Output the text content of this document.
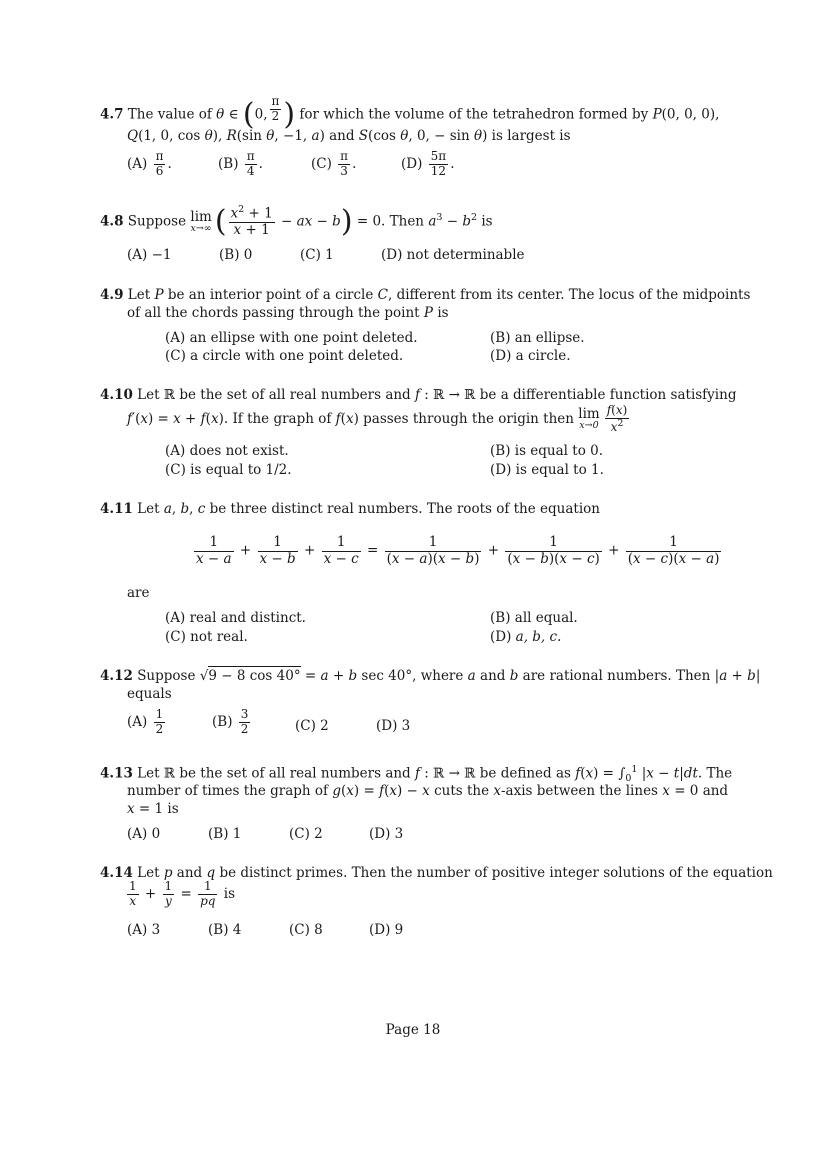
4.7 The value of θ ∈ (0, $\frac{\pi}{2}$ ) for which the volume of the tetrahedron formed by P(0, 0, 0),
Q(1, 0, cos θ), R(sin θ, −1, a) and S(cos θ, 0, − sin θ) is largest is
$(A) \frac{\pi}{6}$ .	$(B) \frac{\pi}{4}$ .	$(C) \frac{\pi}{3}$ .	$(D) \frac{5\pi}{12}$ .
4.8 Suppose lim
x→∞ ( $\frac{x^2 + 1}{x + 1}$ − ax − b) = 0. Then $a^3 - b^2$ is
(A) −1	(B) 0	(C) 1	(D) not determinable
4.9 Let P be an interior point of a circle C, different from its center. The locus of the midpoints
of all the chords passing through the point P is
(A) an ellipse with one point deleted.	(B) an ellipse.
(C) a circle with one point deleted.	(D) a circle.
4.10 Let ℝ be the set of all real numbers and f : ℝ → ℝ be a differentiable function satisfying
f′(x) = x + f(x). If the graph of f(x) passes through the origin then lim
$x\to 0 \frac{f(x)}{x^2}$
(A) does not exist.	(B) is equal to 0.
(C) is equal to 1/2.	(D) is equal to 1.
4.11 Let a, b, c be three distinct real numbers. The roots of the equation
$\frac{1}{x - a} + \frac{1}{x - b} + \frac{1}{x - c} = \frac{1}{(x - a)(x - b)} + \frac{1}{(x - b)(x - c)} + \frac{1}{(x - c)(x - a)}$
are
(A) real and distinct.	(B) all equal.
(C) not real.	(D) a, b, c.
4.12 Suppose √9 − 8 cos 40° = a + b sec 40°, where a and b are rational numbers. Then |a + b|
equals
$(A) \frac{1}{2}$	$(B) \frac{3}{2}$	(C) 2	(D) 3
4.13 Let ℝ be the set of all real numbers and f : ℝ → ℝ be defined as $f(x) = \int_0^1$ |x − t|dt. The
number of times the graph of g(x) = f(x) − x cuts the x-axis between the lines x = 0 and
x = 1 is
(A) 0	(B) 1	(C) 2	(D) 3
4.14 Let p and q be distinct primes. Then the number of positive integer solutions of the equation
$\frac{1}{x} + \frac{1}{y} = \frac{1}{pq}$ is
(A) 3	(B) 4	(C) 8	(D) 9
Page 18
